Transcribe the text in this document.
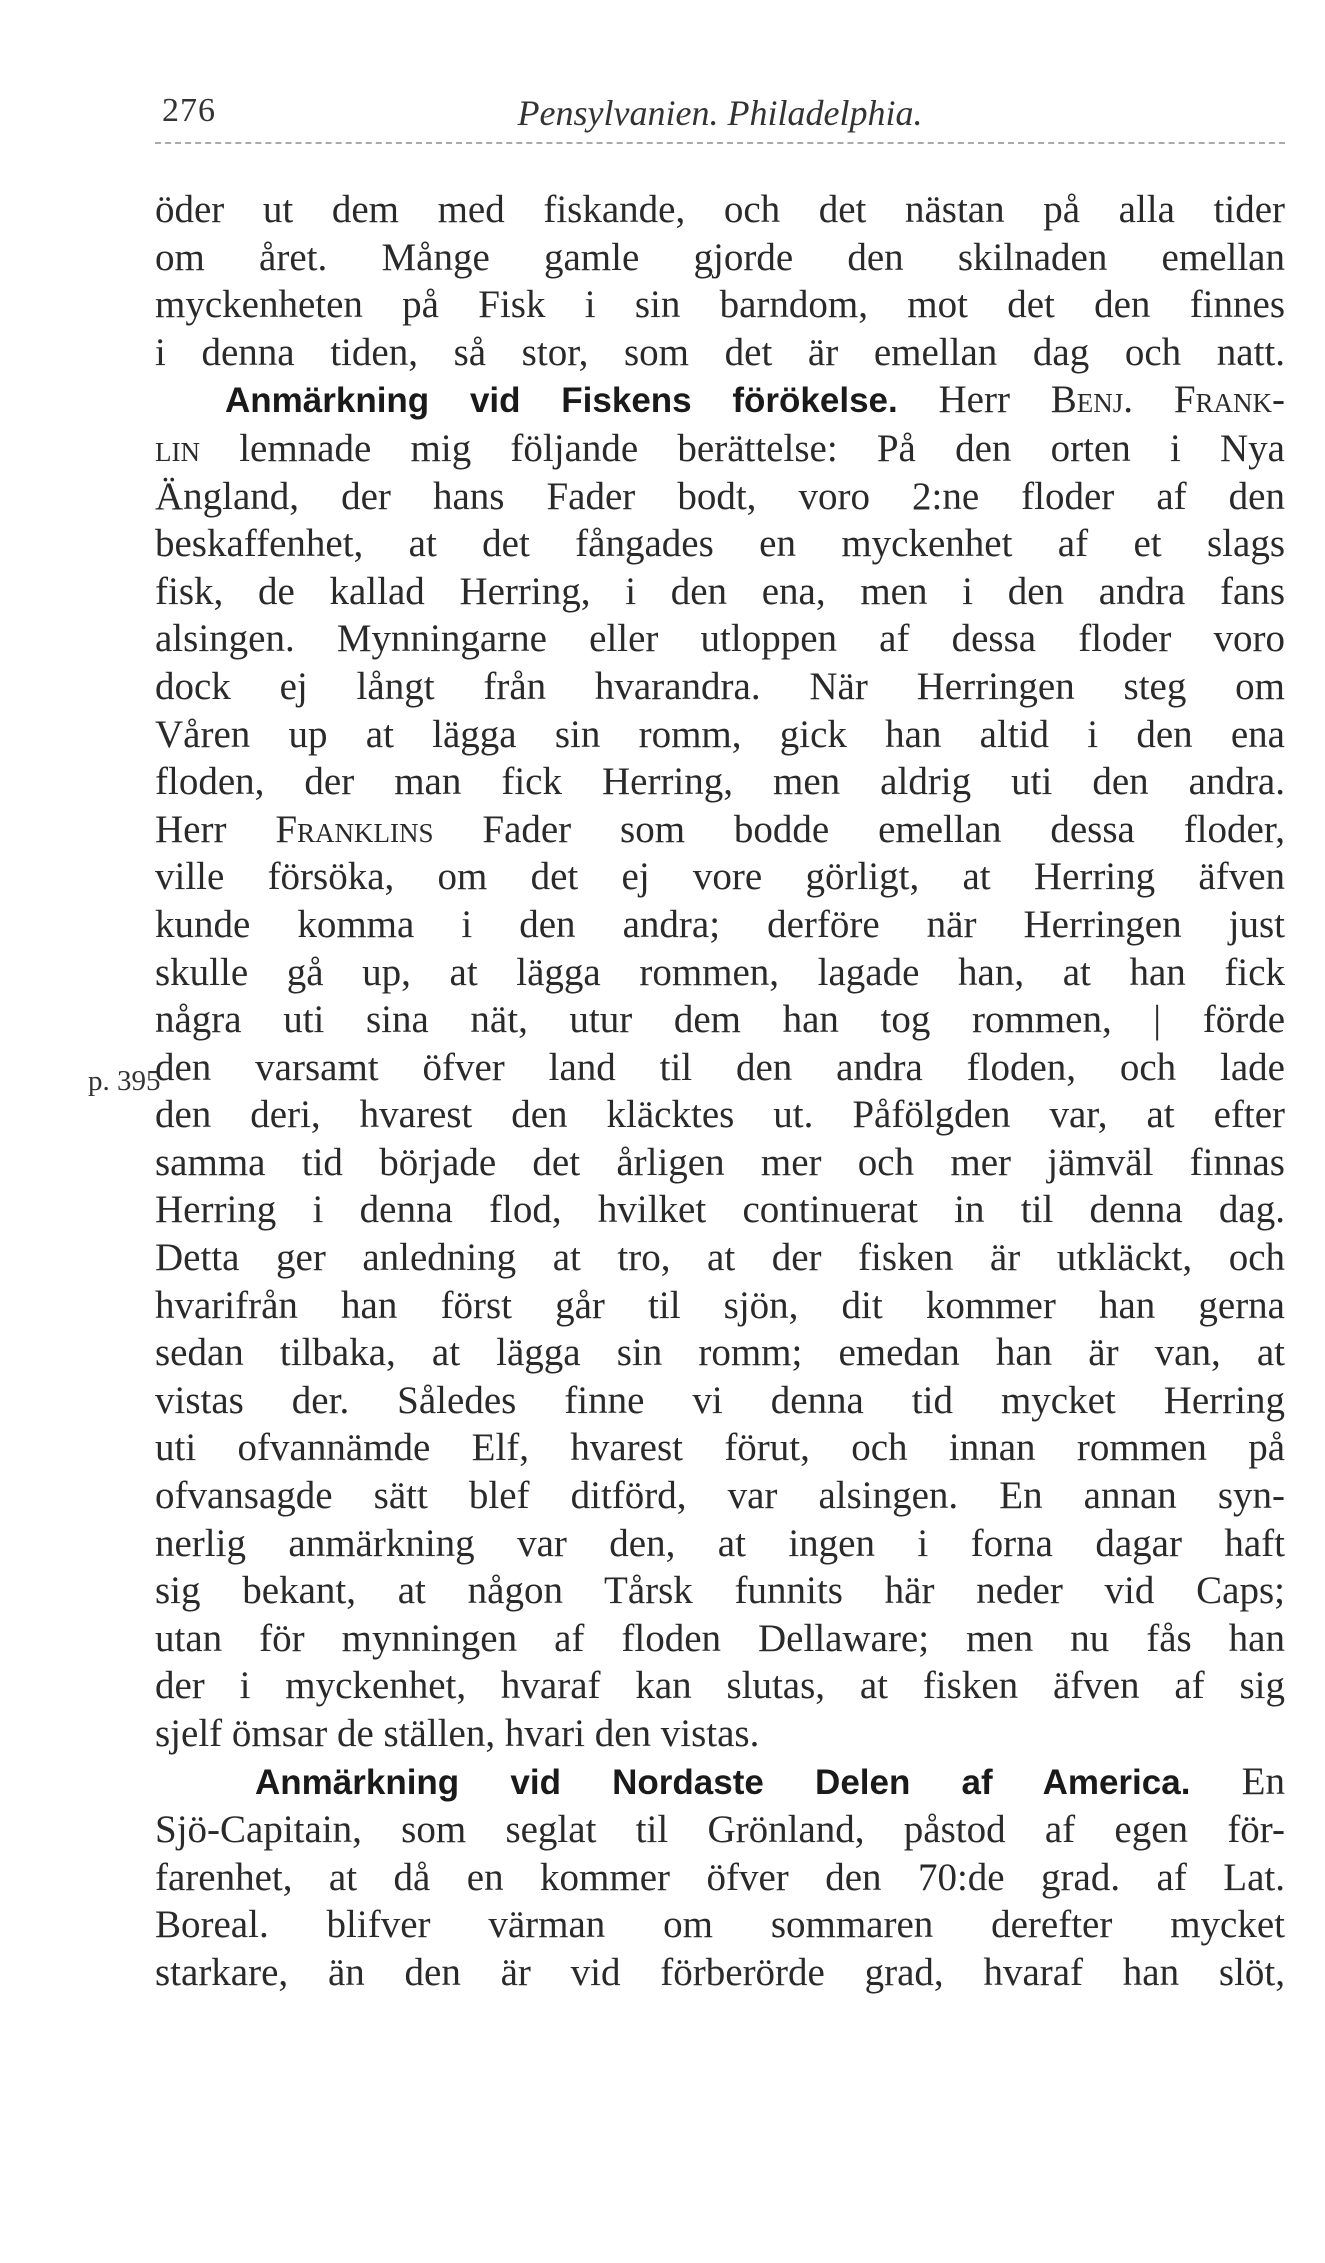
276	Pensylvanien. Philadelphia.
p. 395
öder ut dem med fiskande, och det nästan på alla tider
om året. Månge gamle gjorde den skilnaden emellan
myckenheten på Fisk i sin barndom, mot det den finnes
i denna tiden, så stor, som det är emellan dag och natt.
Anmärkning vid Fiskens förökelse. Herr Benj. Frank-
lin lemnade mig följande berättelse: På den orten i Nya
Ängland, der hans Fader bodt, voro 2:ne floder af den
beskaffenhet, at det fångades en myckenhet af et slags
fisk, de kallad Herring, i den ena, men i den andra fans
alsingen. Mynningarne eller utloppen af dessa floder voro
dock ej långt från hvarandra. När Herringen steg om
Våren up at lägga sin romm, gick han altid i den ena
floden, der man fick Herring, men aldrig uti den andra.
Herr Franklins Fader som bodde emellan dessa floder,
ville försöka, om det ej vore görligt, at Herring äfven
kunde komma i den andra; derföre när Herringen just
skulle gå up, at lägga rommen, lagade han, at han fick
några uti sina nät, utur dem han tog rommen, | förde
den varsamt öfver land til den andra floden, och lade
den deri, hvarest den kläcktes ut. Påfölgden var, at efter
samma tid började det årligen mer och mer jämväl finnas
Herring i denna flod, hvilket continuerat in til denna dag.
Detta ger anledning at tro, at der fisken är utkläckt, och
hvarifrån han först går til sjön, dit kommer han gerna
sedan tilbaka, at lägga sin romm; emedan han är van, at
vistas der. Således finne vi denna tid mycket Herring
uti ofvannämde Elf, hvarest förut, och innan rommen på
ofvansagde sätt blef ditförd, var alsingen. En annan syn-
nerlig anmärkning var den, at ingen i forna dagar haft
sig bekant, at någon Tårsk funnits här neder vid Caps;
utan för mynningen af floden Dellaware; men nu fås han
der i myckenhet, hvaraf kan slutas, at fisken äfven af sig
sjelf ömsar de ställen, hvari den vistas.
Anmärkning vid Nordaste Delen af America. En
Sjö-Capitain, som seglat til Grönland, påstod af egen för-
farenhet, at då en kommer öfver den 70:de grad. af Lat.
Boreal. blifver värman om sommaren derefter mycket
starkare, än den är vid förberörde grad, hvaraf han slöt,
